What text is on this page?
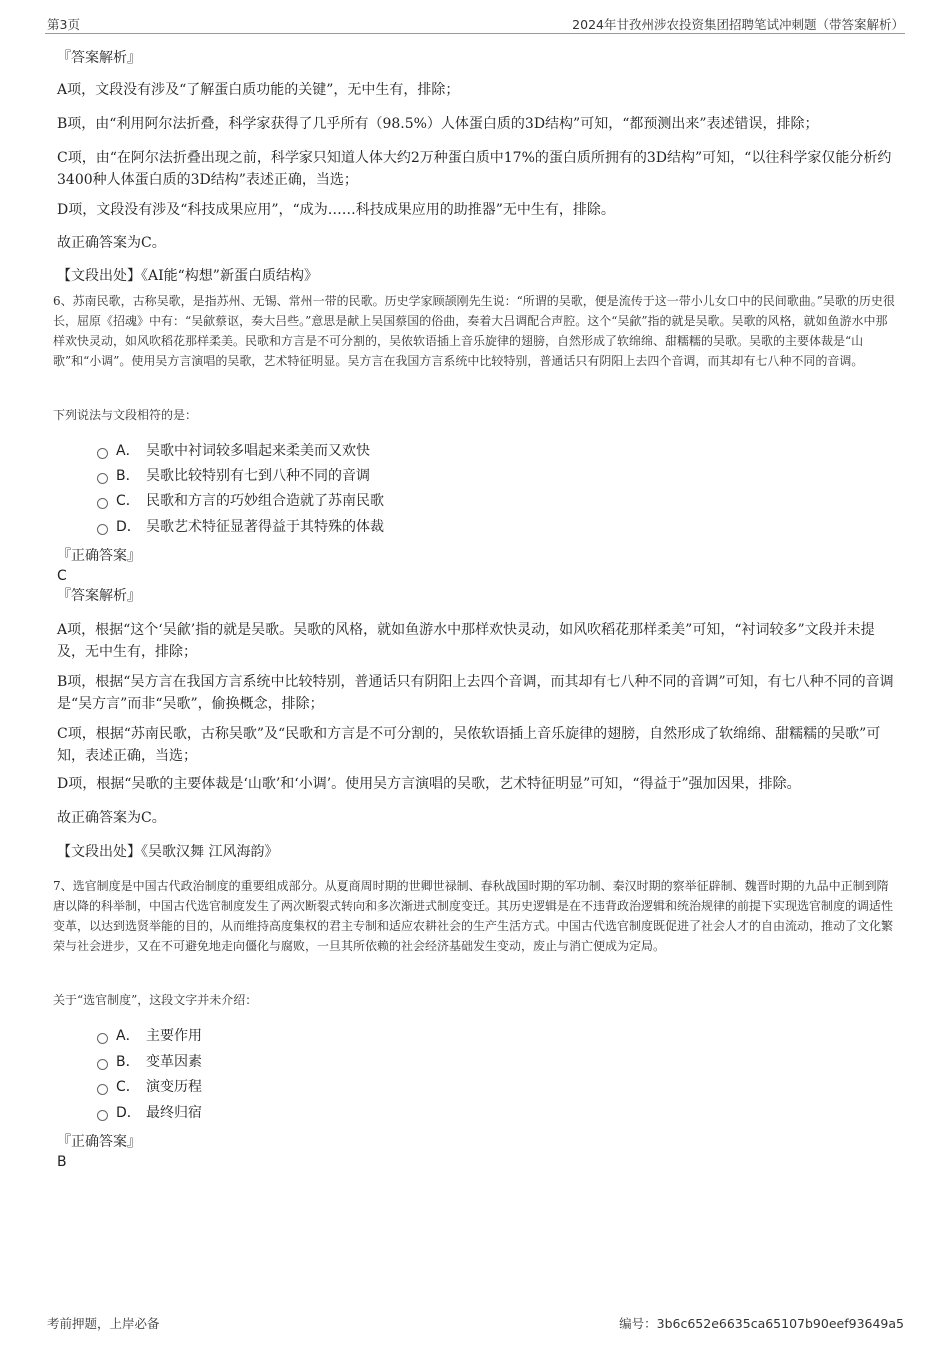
第3页	2024年甘孜州涉农投资集团招聘笔试冲刺题（带答案解析）
『答案解析』
A项，文段没有涉及“了解蛋白质功能的关键”，无中生有，排除；
B项，由“利用阿尔法折叠，科学家获得了几乎所有（98.5%）人体蛋白质的3D结构”可知，“都预测出来”表述错误，排除；
C项，由“在阿尔法折叠出现之前，科学家只知道人体大约2万种蛋白质中17%的蛋白质所拥有的3D结构”可知，“以往科学家仅能分析约3400种人体蛋白质的3D结构”表述正确，当选；
D项，文段没有涉及“科技成果应用”，“成为……科技成果应用的助推器”无中生有，排除。
故正确答案为C。
【文段出处】《AI能“构想”新蛋白质结构》
6、苏南民歌，古称吴歌，是指苏州、无锡、常州一带的民歌。历史学家顾颉刚先生说：“所谓的吴歌，便是流传于这一带小儿女口中的民间歌曲。”吴歌的历史很长，屈原《招魂》中有：“吴歈蔡讴，奏大吕些。”意思是献上吴国蔡国的俗曲，奏着大吕调配合声腔。这个“吴歈”指的就是吴歌。吴歌的风格，就如鱼游水中那样欢快灵动，如风吹稻花那样柔美。民歌和方言是不可分割的，吴侬软语插上音乐旋律的翅膀，自然形成了软绵绵、甜糯糯的吴歌。吴歌的主要体裁是“山歌”和“小调”。使用吴方言演唱的吴歌，艺术特征明显。吴方言在我国方言系统中比较特别，普通话只有阴阳上去四个音调，而其却有七八种不同的音调。
下列说法与文段相符的是：
A． 吴歌中衬词较多唱起来柔美而又欢快
B． 吴歌比较特别有七到八种不同的音调
C． 民歌和方言的巧妙组合造就了苏南民歌
D． 吴歌艺术特征显著得益于其特殊的体裁
『正确答案』
C
『答案解析』
A项，根据“这个‘吴歈’指的就是吴歌。吴歌的风格，就如鱼游水中那样欢快灵动，如风吹稻花那样柔美”可知，“衬词较多”文段并未提及，无中生有，排除；
B项，根据“吴方言在我国方言系统中比较特别，普通话只有阴阳上去四个音调，而其却有七八种不同的音调”可知，有七八种不同的音调是“吴方言”而非“吴歌”，偷换概念，排除；
C项，根据“苏南民歌，古称吴歌”及“民歌和方言是不可分割的，吴侬软语插上音乐旋律的翅膀，自然形成了软绵绵、甜糯糯的吴歌”可知，表述正确，当选；
D项，根据“吴歌的主要体裁是‘山歌’和‘小调’。使用吴方言演唱的吴歌，艺术特征明显”可知，“得益于”强加因果，排除。
故正确答案为C。
【文段出处】《吴歌汉舞 江风海韵》
7、选官制度是中国古代政治制度的重要组成部分。从夏商周时期的世卿世禄制、春秋战国时期的军功制、秦汉时期的察举征辟制、魏晋时期的九品中正制到隋唐以降的科举制，中国古代选官制度发生了两次断裂式转向和多次渐进式制度变迁。其历史逻辑是在不违背政治逻辑和统治规律的前提下实现选官制度的调适性变革，以达到选贤举能的目的，从而维持高度集权的君主专制和适应农耕社会的生产生活方式。中国古代选官制度既促进了社会人才的自由流动，推动了文化繁荣与社会进步，又在不可避免地走向僵化与腐败，一旦其所依赖的社会经济基础发生变动，废止与消亡便成为定局。
关于“选官制度”，这段文字并未介绍：
A． 主要作用
B． 变革因素
C． 演变历程
D． 最终归宿
『正确答案』
B
考前押题，上岸必备	编号：3b6c652e6635ca65107b90eef93649a5
